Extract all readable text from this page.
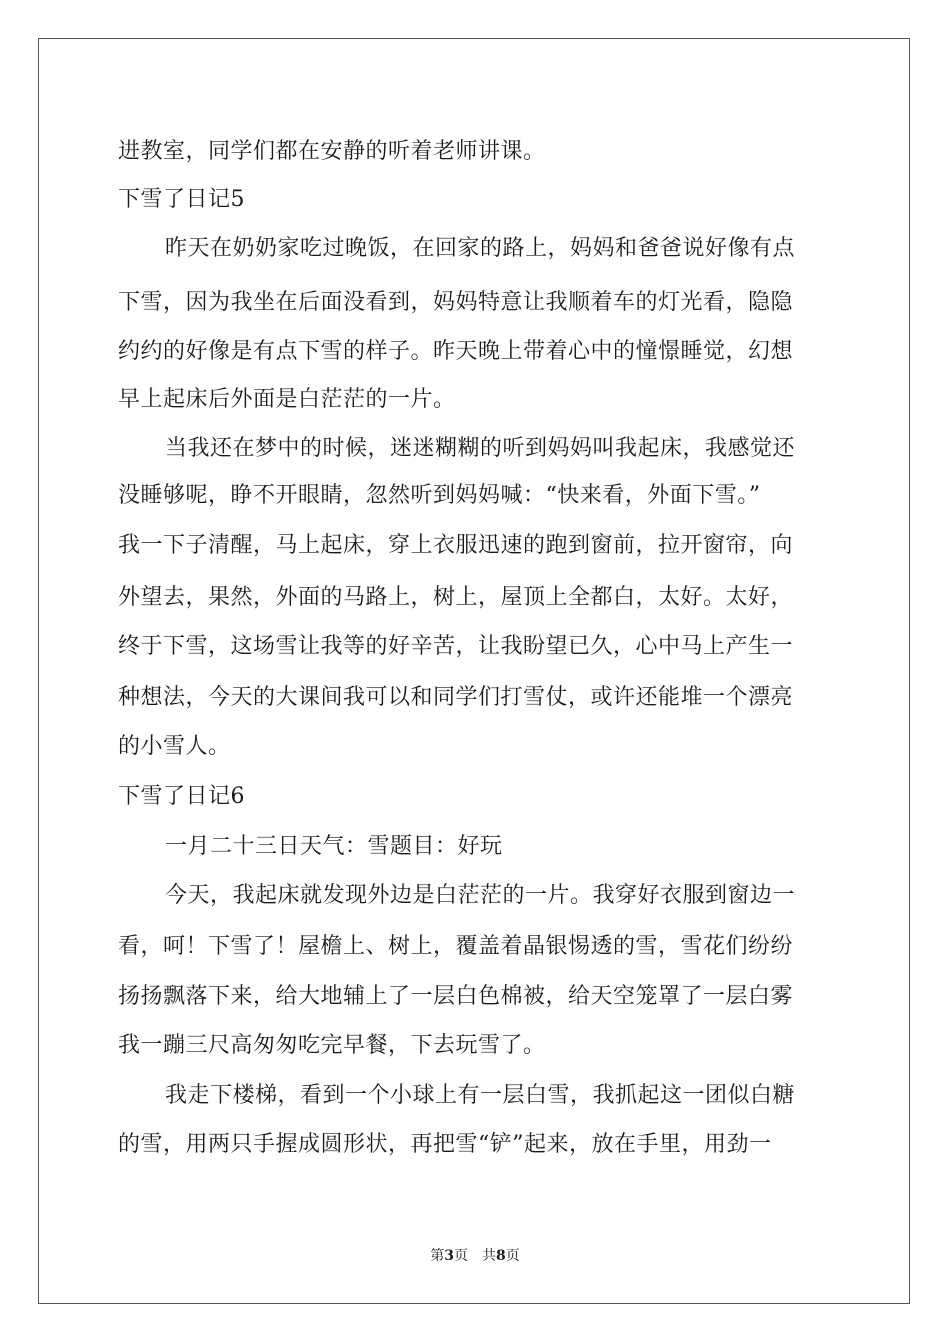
进教室，同学们都在安静的听着老师讲课。
下雪了日记5
昨天在奶奶家吃过晚饭，在回家的路上，妈妈和爸爸说好像有点
下雪，因为我坐在后面没看到，妈妈特意让我顺着车的灯光看，隐隐
约约的好像是有点下雪的样子。昨天晚上带着心中的憧憬睡觉，幻想
早上起床后外面是白茫茫的一片。
当我还在梦中的时候，迷迷糊糊的听到妈妈叫我起床，我感觉还
没睡够呢，睁不开眼睛，忽然听到妈妈喊：“快来看，外面下雪。”
我一下子清醒，马上起床，穿上衣服迅速的跑到窗前，拉开窗帘，向
外望去，果然，外面的马路上，树上，屋顶上全都白，太好。太好，
终于下雪，这场雪让我等的好辛苦，让我盼望已久，心中马上产生一
种想法，今天的大课间我可以和同学们打雪仗，或许还能堆一个漂亮
的小雪人。
下雪了日记6
一月二十三日天气：雪题目：好玩
今天，我起床就发现外边是白茫茫的一片。我穿好衣服到窗边一
看，呵！下雪了！屋檐上、树上，覆盖着晶银惕透的雪，雪花们纷纷
扬扬飘落下来，给大地辅上了一层白色棉被，给天空笼罩了一层白雾
我一蹦三尺高匆匆吃完早餐，下去玩雪了。
我走下楼梯，看到一个小球上有一层白雪，我抓起这一团似白糖
的雪，用两只手握成圆形状，再把雪“铲”起来，放在手里，用劲一
第3页 共8页
